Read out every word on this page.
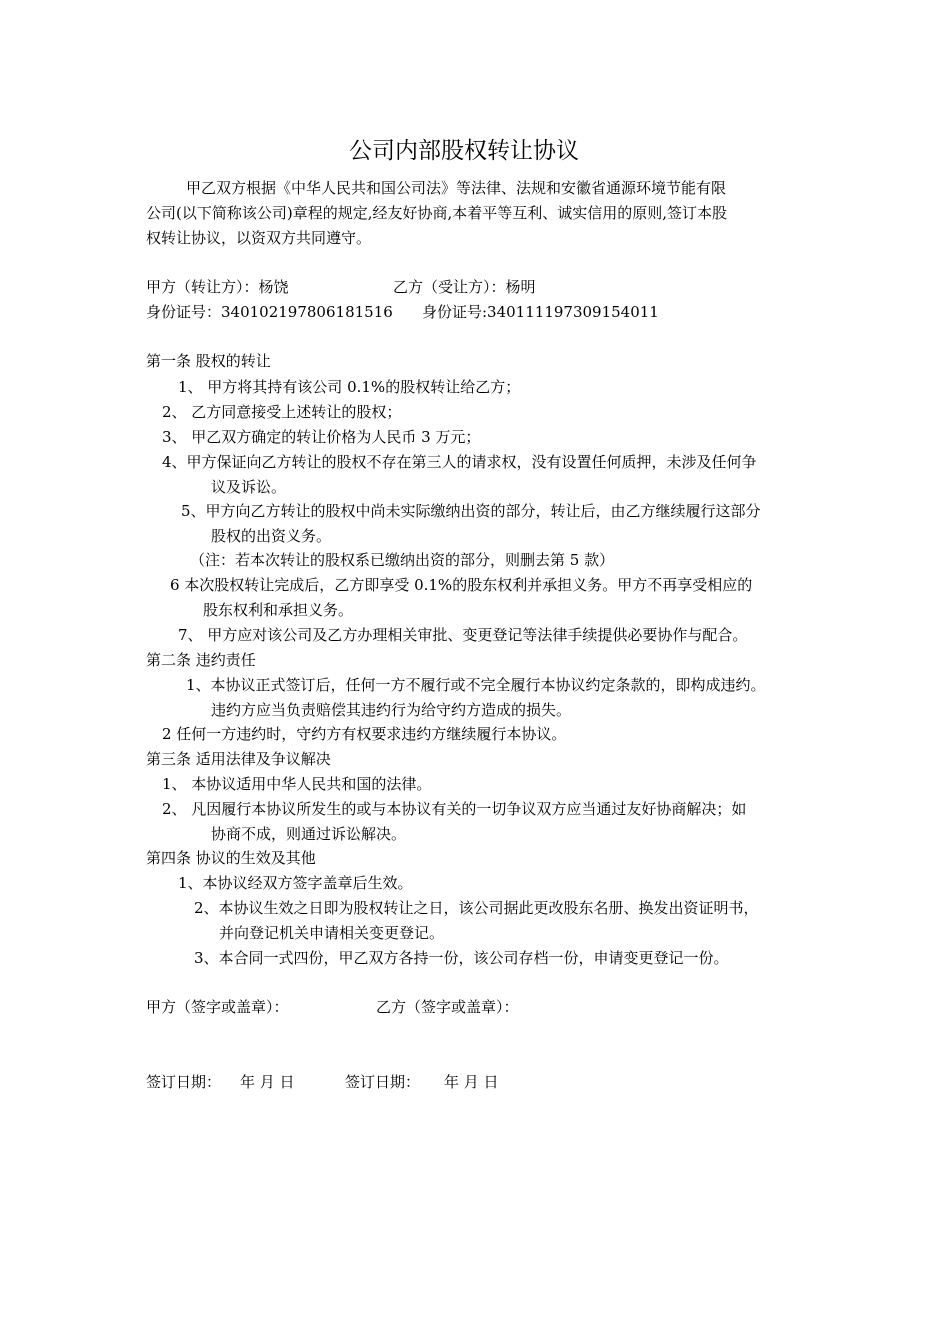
公司内部股权转让协议
甲乙双方根据《中华人民共和国公司法》等法律、法规和安徽省通源环境节能有限
公司(以下简称该公司)章程的规定,经友好协商,本着平等互利、诚实信用的原则,签订本股
权转让协议，以资双方共同遵守。
甲方（转让方）：杨饶	乙方（受让方）：杨明
身份证号：340102197806181516 身份证号:340111197309154011
第一条 股权的转让
1、 甲方将其持有该公司 0.1%的股权转让给乙方；
2、 乙方同意接受上述转让的股权；
3、 甲乙双方确定的转让价格为人民币 3 万元；
4、甲方保证向乙方转让的股权不存在第三人的请求权，没有设置任何质押，未涉及任何争
议及诉讼。
5、甲方向乙方转让的股权中尚未实际缴纳出资的部分，转让后，由乙方继续履行这部分
股权的出资义务。
（注：若本次转让的股权系已缴纳出资的部分，则删去第 5 款）
6 本次股权转让完成后，乙方即享受 0.1%的股东权利并承担义务。甲方不再享受相应的
股东权利和承担义务。
7、 甲方应对该公司及乙方办理相关审批、变更登记等法律手续提供必要协作与配合。
第二条 违约责任
1、本协议正式签订后，任何一方不履行或不完全履行本协议约定条款的，即构成违约。
违约方应当负责赔偿其违约行为给守约方造成的损失。
2 任何一方违约时，守约方有权要求违约方继续履行本协议。
第三条 适用法律及争议解决
1、 本协议适用中华人民共和国的法律。
2、 凡因履行本协议所发生的或与本协议有关的一切争议双方应当通过友好协商解决；如
协商不成，则通过诉讼解决。
第四条 协议的生效及其他
1、本协议经双方签字盖章后生效。
2、本协议生效之日即为股权转让之日，该公司据此更改股东名册、换发出资证明书，
并向登记机关申请相关变更登记。
3、本合同一式四份，甲乙双方各持一份，该公司存档一份，申请变更登记一份。
甲方（签字或盖章）：	乙方（签字或盖章）：
签订日期： 年 月 日	签订日期： 年 月 日
